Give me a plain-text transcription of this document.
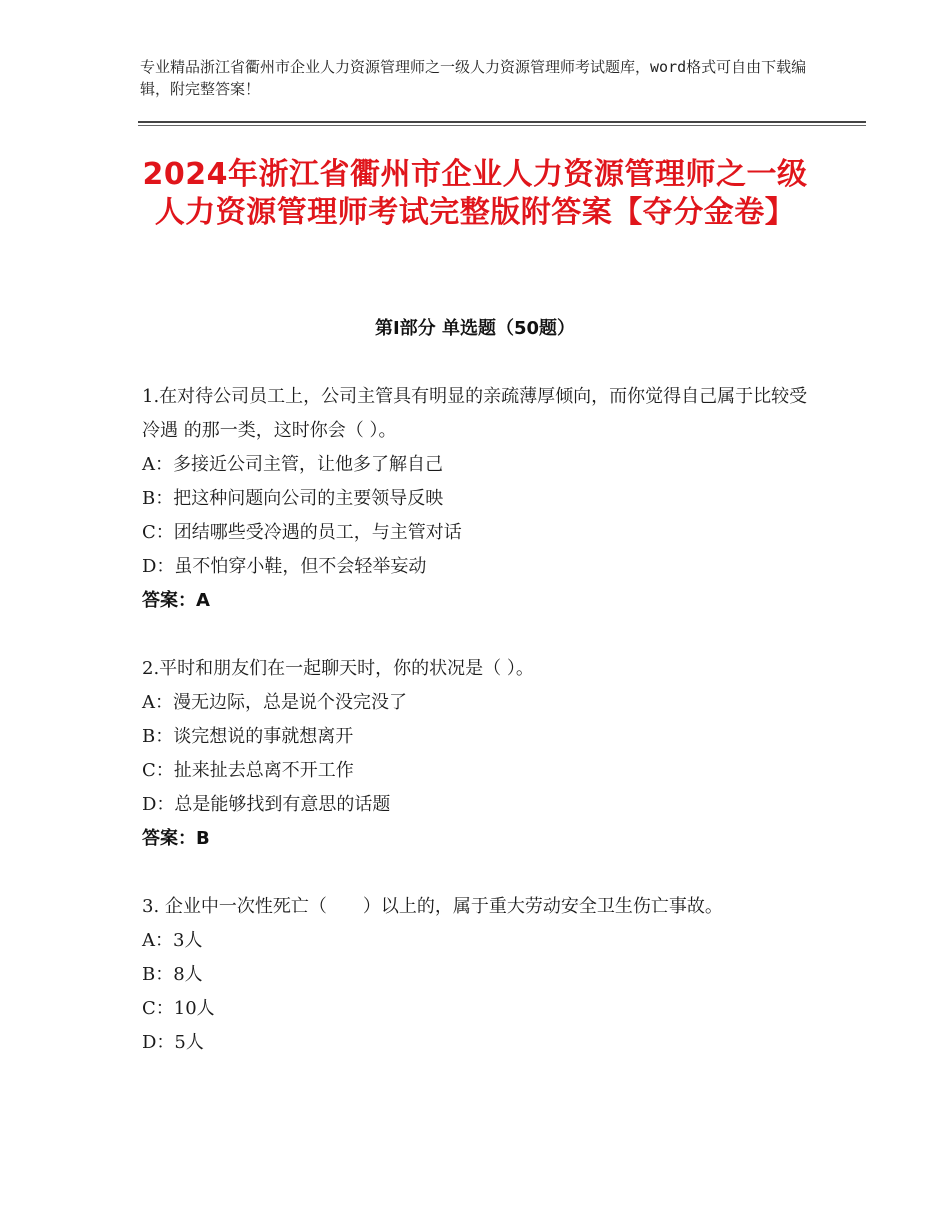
专业精品浙江省衢州市企业人力资源管理师之一级人力资源管理师考试题库，word格式可自由下载编辑，附完整答案！
2024年浙江省衢州市企业人力资源管理师之一级人力资源管理师考试完整版附答案【夺分金卷】
第Ⅰ部分 单选题（50题）
1.在对待公司员工上，公司主管具有明显的亲疏薄厚倾向，而你觉得自己属于比较受冷遇 的那一类，这时你会（ ）。
A：多接近公司主管，让他多了解自己
B：把这种问题向公司的主要领导反映
C：团结哪些受冷遇的员工，与主管对话
D：虽不怕穿小鞋，但不会轻举妄动
答案：A
2.平时和朋友们在一起聊天时，你的状况是（ ）。
A：漫无边际，总是说个没完没了
B：谈完想说的事就想离开
C：扯来扯去总离不开工作
D：总是能够找到有意思的话题
答案：B
3. 企业中一次性死亡（　　）以上的，属于重大劳动安全卫生伤亡事故。
A：3人
B：8人
C：10人
D：5人
